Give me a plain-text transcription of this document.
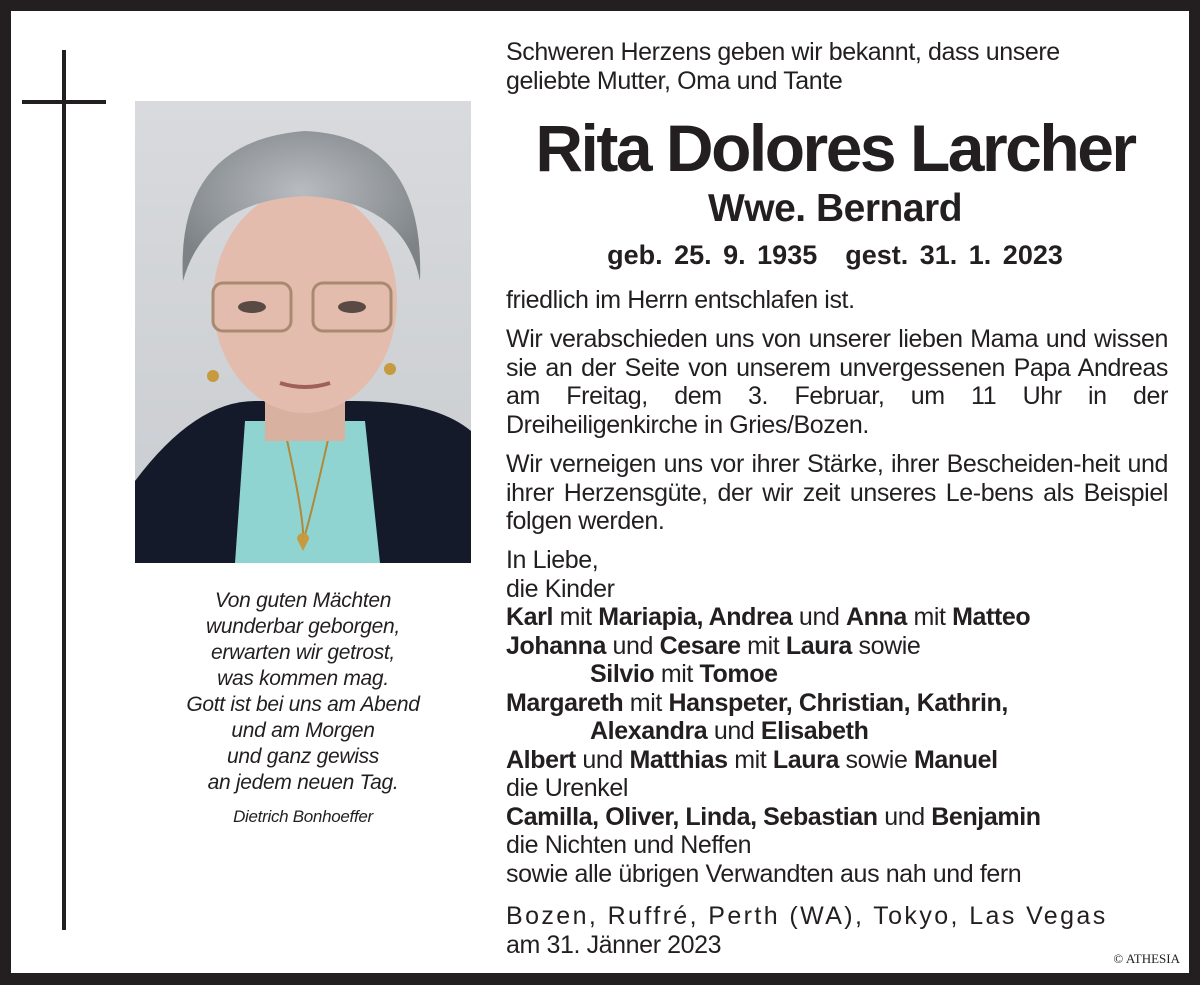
Von guten Mächten
wunderbar geborgen,
erwarten wir getrost,
was kommen mag.
Gott ist bei uns am Abend
und am Morgen
und ganz gewiss
an jedem neuen Tag.
Dietrich Bonhoeffer
Schweren Herzens geben wir bekannt, dass unsere
geliebte Mutter, Oma und Tante
Rita Dolores Larcher
Wwe. Bernard
geb. 25. 9. 1935 gest. 31. 1. 2023
friedlich im Herrn entschlafen ist.
Wir verabschieden uns von unserer lieben Mama und wissen sie an der Seite von unserem unvergessenen Papa Andreas am Freitag, dem 3. Februar, um 11 Uhr in der Dreiheiligenkirche in Gries/Bozen.
Wir verneigen uns vor ihrer Stärke, ihrer Bescheiden-heit und ihrer Herzensgüte, der wir zeit unseres Le-bens als Beispiel folgen werden.
In Liebe,
die Kinder
Karl mit Mariapia, Andrea und Anna mit Matteo
Johanna und Cesare mit Laura sowie
Silvio mit Tomoe
Margareth mit Hanspeter, Christian, Kathrin,
Alexandra und Elisabeth
Albert und Matthias mit Laura sowie Manuel
die Urenkel
Camilla, Oliver, Linda, Sebastian und Benjamin
die Nichten und Neffen
sowie alle übrigen Verwandten aus nah und fern
Bozen, Ruffré, Perth (WA), Tokyo, Las Vegas
am 31. Jänner 2023	© ATHESIA
